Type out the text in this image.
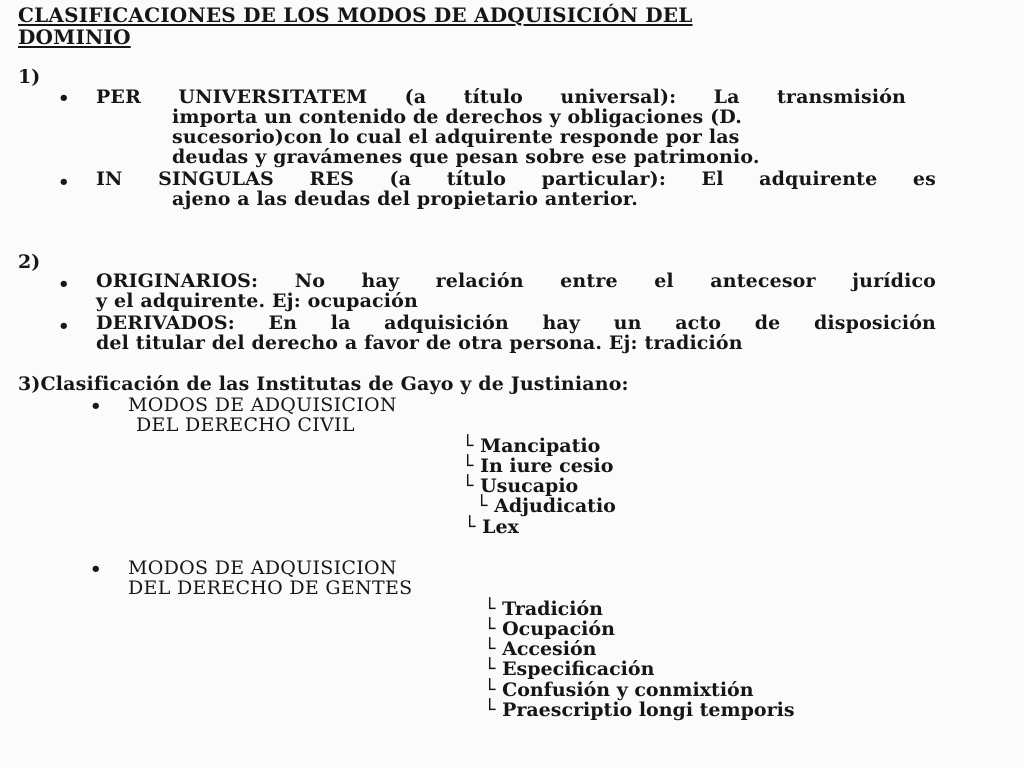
CLASIFICACIONES DE LOS MODOS DE ADQUISICIÓN DEL
DOMINIO
1)
• PER UNIVERSITATEM (a título universal): La transmisión
importa un contenido de derechos y obligaciones (D.
sucesorio)con lo cual el adquirente responde por las
deudas y gravámenes que pesan sobre ese patrimonio.
• IN SINGULAS RES (a título particular): El adquirente es
ajeno a las deudas del propietario anterior.
2)
• ORIGINARIOS: No hay relación entre el antecesor jurídico
y el adquirente. Ej: ocupación
• DERIVADOS: En la adquisición hay un acto de disposición
del titular del derecho a favor de otra persona. Ej: tradición
3)Clasificación de las Institutas de Gayo y de Justiniano:
• MODOS DE ADQUISICION
DEL DERECHO CIVIL
└ Mancipatio
└ In iure cesio
└ Usucapio
└ Adjudicatio
└ Lex
• MODOS DE ADQUISICION
DEL DERECHO DE GENTES
└ Tradición
└ Ocupación
└ Accesión
└ Especificación
└ Confusión y conmixtión
└ Praescriptio longi temporis
